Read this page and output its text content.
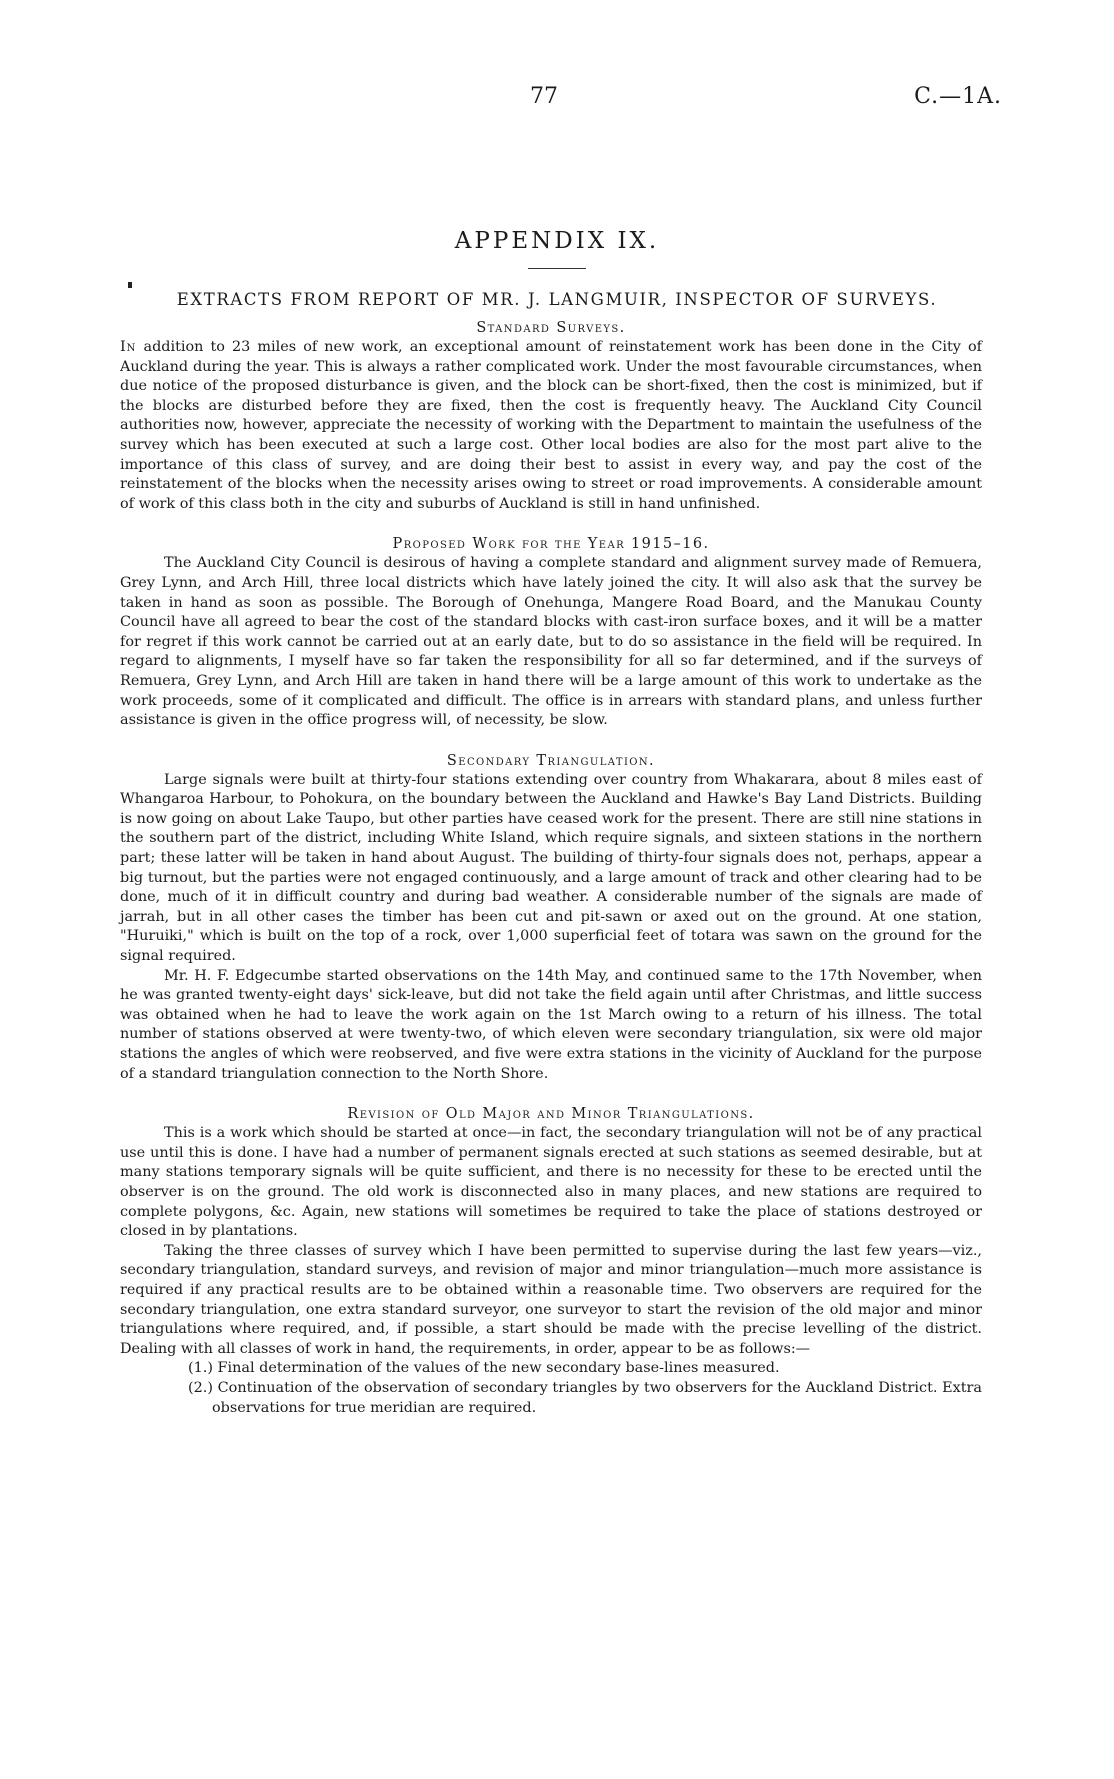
77	C.—1A.
APPENDIX IX.
EXTRACTS FROM REPORT OF MR. J. LANGMUIR, INSPECTOR OF SURVEYS.
Standard Surveys.

In addition to 23 miles of new work, an exceptional amount of reinstatement work has been done in the City of Auckland during the year. This is always a rather complicated work. Under the most favourable circumstances, when due notice of the proposed disturbance is given, and the block can be short-fixed, then the cost is minimized, but if the blocks are disturbed before they are fixed, then the cost is frequently heavy. The Auckland City Council authorities now, however, appreciate the necessity of working with the Department to maintain the usefulness of the survey which has been executed at such a large cost. Other local bodies are also for the most part alive to the importance of this class of survey, and are doing their best to assist in every way, and pay the cost of the reinstatement of the blocks when the necessity arises owing to street or road improvements. A considerable amount of work of this class both in the city and suburbs of Auckland is still in hand unfinished.

Proposed Work for the Year 1915–16.

The Auckland City Council is desirous of having a complete standard and alignment survey made of Remuera, Grey Lynn, and Arch Hill, three local districts which have lately joined the city. It will also ask that the survey be taken in hand as soon as possible. The Borough of Onehunga, Mangere Road Board, and the Manukau County Council have all agreed to bear the cost of the standard blocks with cast-iron surface boxes, and it will be a matter for regret if this work cannot be carried out at an early date, but to do so assistance in the field will be required. In regard to alignments, I myself have so far taken the responsibility for all so far determined, and if the surveys of Remuera, Grey Lynn, and Arch Hill are taken in hand there will be a large amount of this work to undertake as the work proceeds, some of it complicated and difficult. The office is in arrears with standard plans, and unless further assistance is given in the office progress will, of necessity, be slow.

Secondary Triangulation.

Large signals were built at thirty-four stations extending over country from Whakarara, about 8 miles east of Whangaroa Harbour, to Pohokura, on the boundary between the Auckland and Hawke's Bay Land Districts. Building is now going on about Lake Taupo, but other parties have ceased work for the present. There are still nine stations in the southern part of the district, including White Island, which require signals, and sixteen stations in the northern part; these latter will be taken in hand about August. The building of thirty-four signals does not, perhaps, appear a big turnout, but the parties were not engaged continuously, and a large amount of track and other clearing had to be done, much of it in difficult country and during bad weather. A considerable number of the signals are made of jarrah, but in all other cases the timber has been cut and pit-sawn or axed out on the ground. At one station, "Huruiki," which is built on the top of a rock, over 1,000 superficial feet of totara was sawn on the ground for the signal required.

Mr. H. F. Edgecumbe started observations on the 14th May, and continued same to the 17th November, when he was granted twenty-eight days' sick-leave, but did not take the field again until after Christmas, and little success was obtained when he had to leave the work again on the 1st March owing to a return of his illness. The total number of stations observed at were twenty-two, of which eleven were secondary triangulation, six were old major stations the angles of which were reobserved, and five were extra stations in the vicinity of Auckland for the purpose of a standard triangulation connection to the North Shore.

Revision of Old Major and Minor Triangulations.

This is a work which should be started at once—in fact, the secondary triangulation will not be of any practical use until this is done. I have had a number of permanent signals erected at such stations as seemed desirable, but at many stations temporary signals will be quite sufficient, and there is no necessity for these to be erected until the observer is on the ground. The old work is disconnected also in many places, and new stations are required to complete polygons, &c. Again, new stations will sometimes be required to take the place of stations destroyed or closed in by plantations.

Taking the three classes of survey which I have been permitted to supervise during the last few years—viz., secondary triangulation, standard surveys, and revision of major and minor triangulation—much more assistance is required if any practical results are to be obtained within a reasonable time. Two observers are required for the secondary triangulation, one extra standard surveyor, one surveyor to start the revision of the old major and minor triangulations where required, and, if possible, a start should be made with the precise levelling of the district. Dealing with all classes of work in hand, the requirements, in order, appear to be as follows:—

(1.) Final determination of the values of the new secondary base-lines measured.

(2.) Continuation of the observation of secondary triangles by two observers for the Auckland District. Extra observations for true meridian are required.
